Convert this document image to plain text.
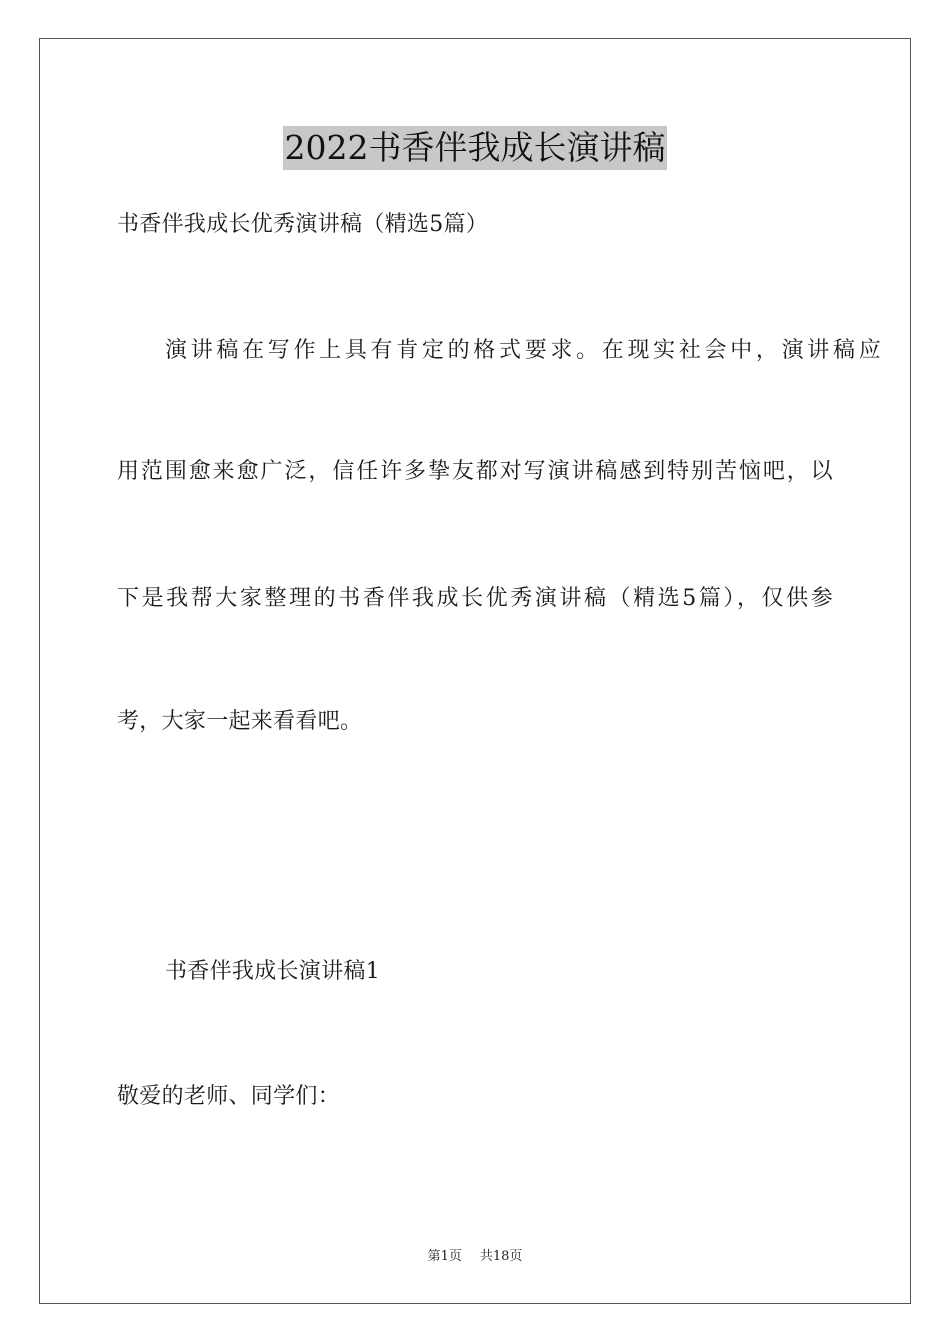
2022书香伴我成长演讲稿
书香伴我成长优秀演讲稿（精选5篇）
演讲稿在写作上具有肯定的格式要求。在现实社会中，演讲稿应
用范围愈来愈广泛，信任许多挚友都对写演讲稿感到特别苦恼吧，以
下是我帮大家整理的书香伴我成长优秀演讲稿（精选5篇），仅供参
考，大家一起来看看吧。
书香伴我成长演讲稿1
敬爱的老师、同学们：
第1页 共18页
